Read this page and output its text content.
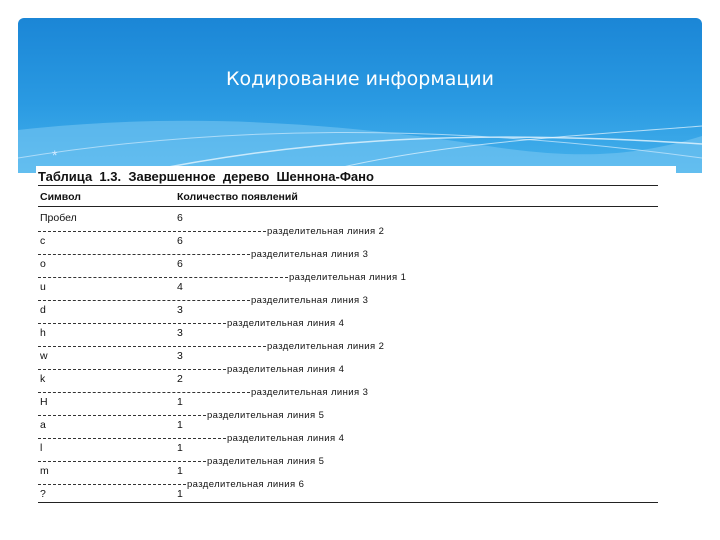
Кодирование информации
*
Таблица  1.3.  Завершенное  дерево  Шеннона-Фано
Символ	Количество появлений
Пробел	6
разделительная линия 2
с	6
разделительная линия 3
о	6
разделительная линия 1
u	4
разделительная линия 3
d	3
разделительная линия 4
h	3
разделительная линия 2
w	3
разделительная линия 4
k	2
разделительная линия 3
H	1
разделительная линия 5
a	1
разделительная линия 4
l	1
разделительная линия 5
m	1
разделительная линия 6
?	1
